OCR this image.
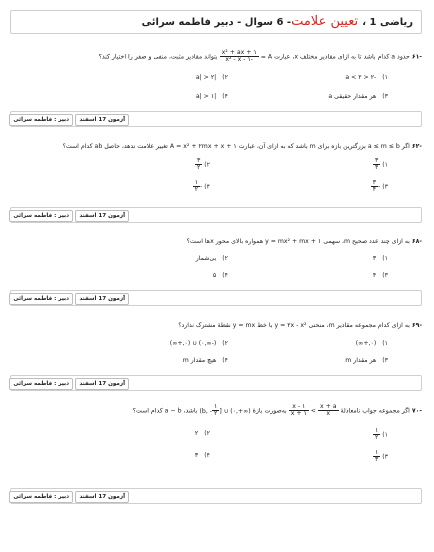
ریاضی 1 ، تعیین علامت- 6 سوال - دبیر فاطمه سرائی
-۶۱ حدود a کدام باشد تا به ازای مقادیر مختلف x، عبارت A =
$\frac{\text{x² + ax + ۱}}{\text{-x² - x - ۱}}$
بتواند مقادیر مثبت، منفی و صفر را اختیار کند؟
۱)-۲ < a < ۲
۲)|a| > ۲
۳)هر مقدار حقیقی a
۴)|a| > ۱
آزمون 17 اسفند
دبیر : فاطمه سرائی
-۶۲ اگر a ≤ m ≤ b بزرگترین بازه برای m باشد که به ازای آن، عبارت A = x² + ۲mx + x + ۱ تغییر علامت ندهد، حاصل ab کدام است؟
۱)
$\frac{۳}{۴}$
۲)
$\frac{۳}{۲}$
۳) -
$\frac{۳}{۴}$
۴) -
$\frac{۱}{۲}$
آزمون 17 اسفند
دبیر : فاطمه سرائی
-۶۸ به ازای چند عدد صحیح m، سهمی y = mx² + mx + ۱ همواره بالای محور xها است؟
۱)۳
۲)بی‌شمار
۳)۴
۴)۵
آزمون 17 اسفند
دبیر : فاطمه سرائی
-۶۹ به ازای کدام مجموعه مقادیر m، منحنی y = ۲x - x² با خط y = mx نقطهٔ مشترک ندارد؟
۱)(۰,+∞)
۲)(-∞,۰) ∪ (۰,+∞)
۳)هر مقدار m
۴)هیچ مقدار m
آزمون 17 اسفند
دبیر : فاطمه سرائی
-۷۰ اگر مجموعه جواب نامعادلهٔ
$\frac{x + a}{x}$
>
$\frac{x - ۱}{x + ۱}$
به‌صورت بازهٔ (b, - $\frac{۱}{۲}$ ] ∪ (۰,+∞) باشد، a − b کدام است؟
۱)
$\frac{۱}{۲}$
۲)۲
۳)
$\frac{۱}{۳}$
۴)۳
آزمون 17 اسفند
دبیر : فاطمه سرائی
